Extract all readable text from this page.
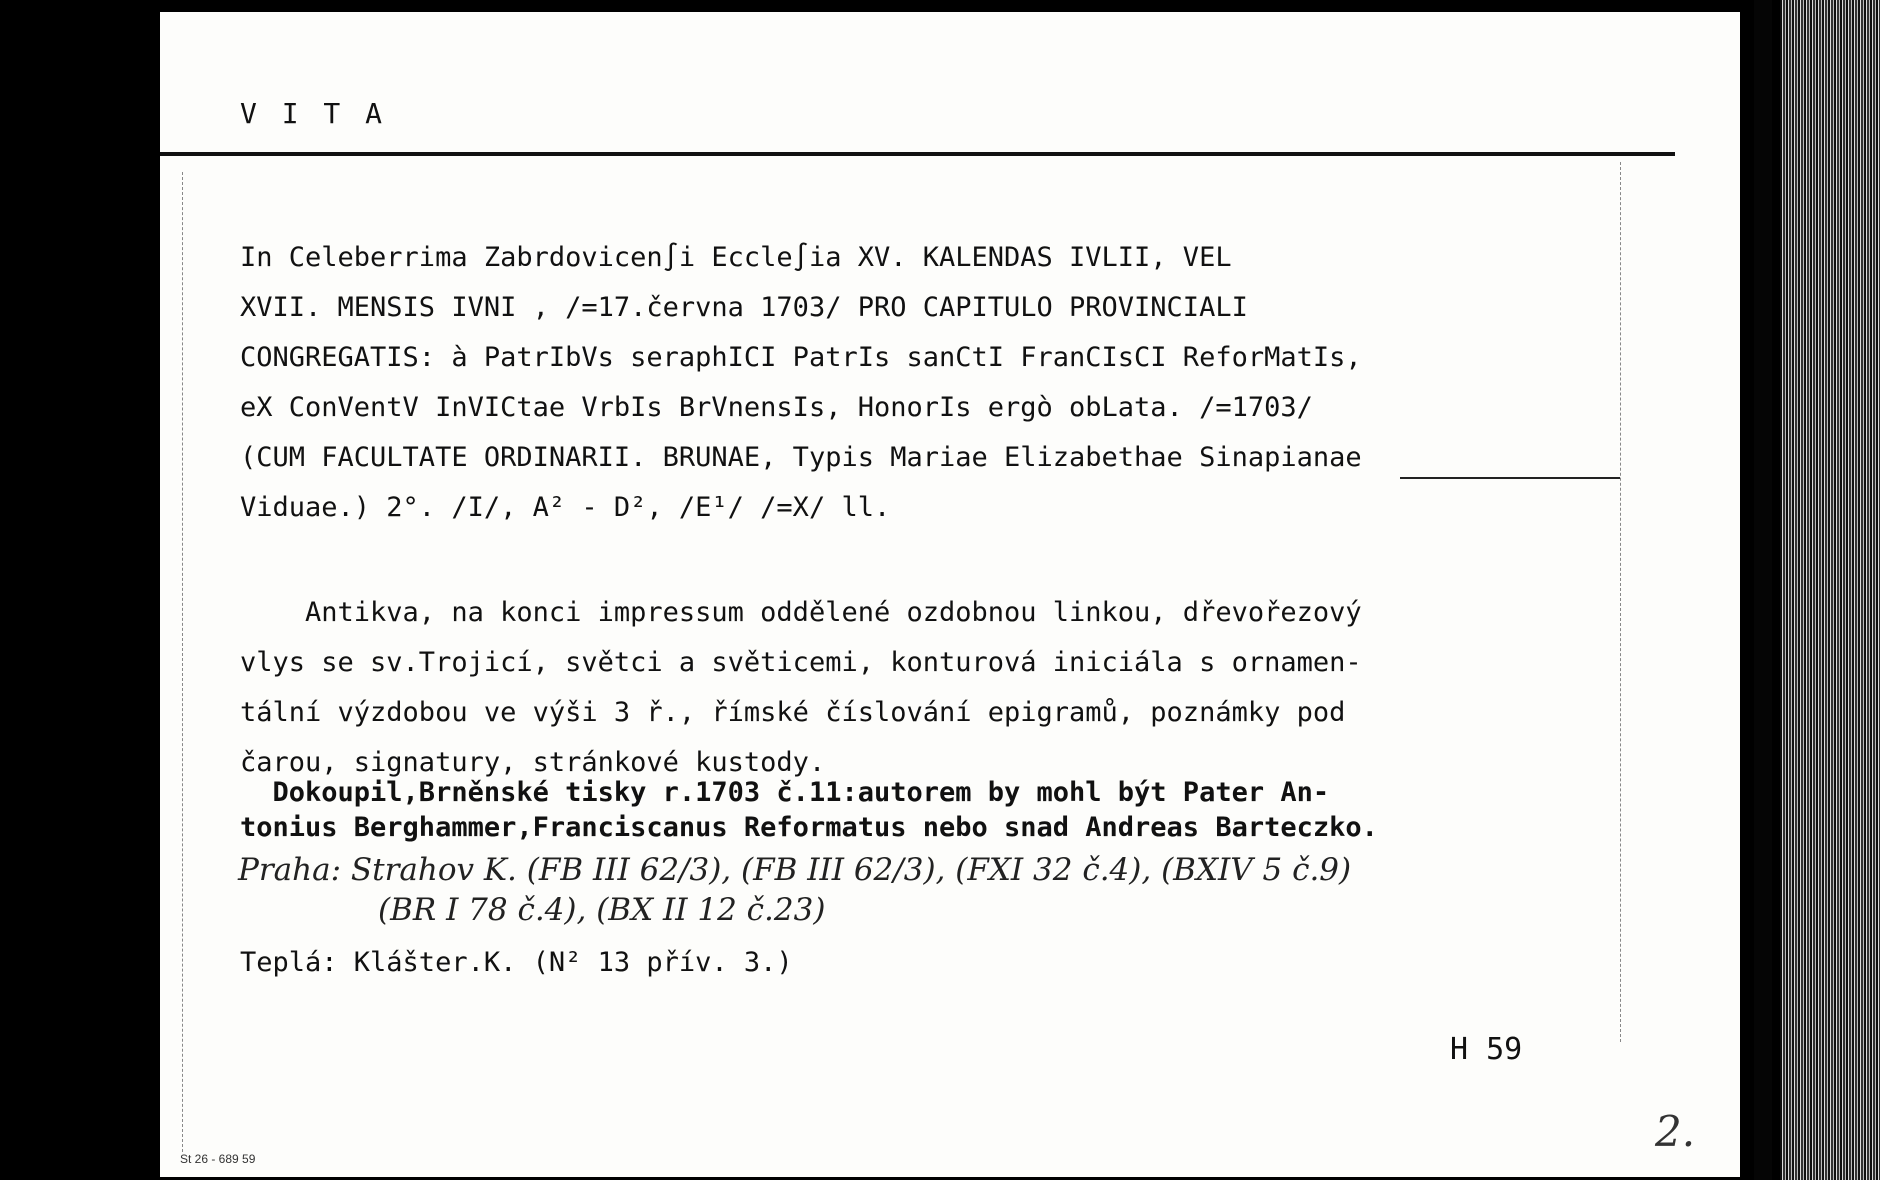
V I T A
In Celeberrima Zabrdovicen∫i Eccle∫ia XV. KALENDAS IVLII, VEL
XVII. MENSIS IVNI , /=17.června 1703/ PRO CAPITULO PROVINCIALI
CONGREGATIS: à PatrIbVs seraphICI PatrIs sanCtI FranCIsCI ReforMatIs,
eX ConVentV InVICtae VrbIs BrVnensIs, HonorIs ergò obLata. /=1703/
(CUM FACULTATE ORDINARII. BRUNAE, Typis Mariae Elizabethae Sinapianae
Viduae.) 2°. /I/, A² - D², /E¹/ /=X/ ll.
Antikva, na konci impressum oddělené ozdobnou linkou, dřevořezový
vlys se sv.Trojicí, světci a světicemi, konturová iniciála s ornamen-
tální výzdobou ve výši 3 ř., římské číslování epigramů, poznámky pod
čarou, signatury, stránkové kustody.
Dokoupil,Brněnské tisky r.1703 č.11:autorem by mohl být Pater An-
tonius Berghammer,Franciscanus Reformatus nebo snad Andreas Barteczko.
Praha: Strahov K. (FB III 62/3), (FB III 62/3), (FXI 32 č.4), (BXIV 5 č.9)
(BR I 78 č.4), (BX II 12 č.23)
Teplá: Klášter.K. (N² 13 přív. 3.)
H 59
2.
St 26 - 689 59
